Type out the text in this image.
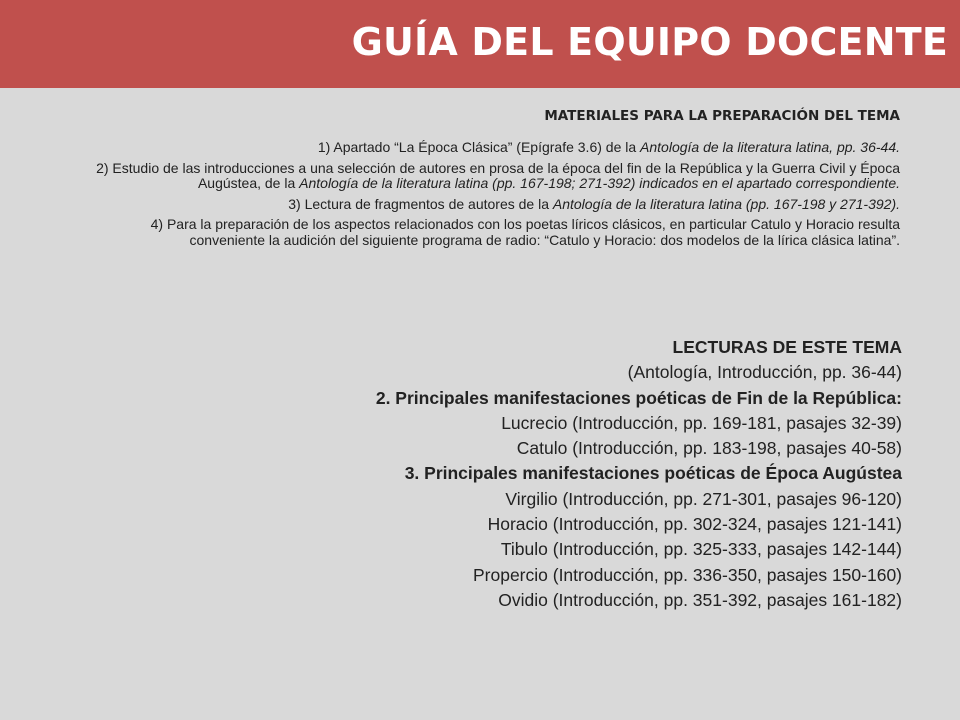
GUÍA DEL EQUIPO DOCENTE
MATERIALES PARA LA PREPARACIÓN DEL TEMA

1) Apartado “La Época Clásica” (Epígrafe 3.6) de la Antología de la literatura latina, pp. 36-44.

2) Estudio de las introducciones a una selección de autores en prosa de la época del fin de la República y la Guerra Civil y Época Augústea, de la Antología de la literatura latina (pp. 167-198; 271-392) indicados en el apartado correspondiente.

3) Lectura de fragmentos de autores de la Antología de la literatura latina (pp. 167-198 y 271-392).

4) Para la preparación de los aspectos relacionados con los poetas líricos clásicos, en particular Catulo y Horacio resulta conveniente la audición del siguiente programa de radio: “Catulo y Horacio: dos modelos de la lírica clásica latina”.

LECTURAS DE ESTE TEMA
(Antología, Introducción, pp. 36-44)
2. Principales manifestaciones poéticas de Fin de la República:
Lucrecio (Introducción, pp. 169-181, pasajes 32-39)
Catulo (Introducción, pp. 183-198, pasajes 40-58)
3. Principales manifestaciones poéticas de Época Augústea
Virgilio (Introducción, pp. 271-301, pasajes 96-120)
Horacio (Introducción, pp. 302-324, pasajes 121-141)
Tibulo (Introducción, pp. 325-333, pasajes 142-144)
Propercio (Introducción, pp. 336-350, pasajes 150-160)
Ovidio (Introducción, pp. 351-392, pasajes 161-182)
